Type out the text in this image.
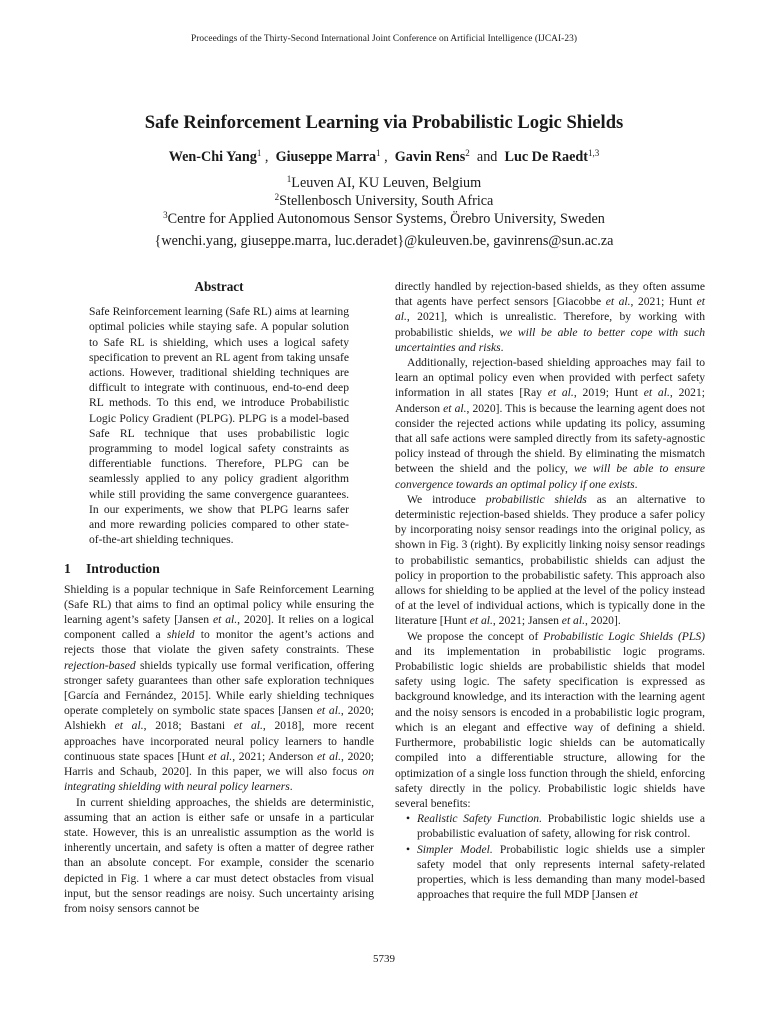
Proceedings of the Thirty-Second International Joint Conference on Artificial Intelligence (IJCAI-23)
Safe Reinforcement Learning via Probabilistic Logic Shields
Wen-Chi Yang$^1$ , Giuseppe Marra$^1$ , Gavin Rens$^2$ and Luc De Raedt$^{1,3}$
$^1$Leuven AI, KU Leuven, Belgium
$^2$Stellenbosch University, South Africa
$^3$Centre for Applied Autonomous Sensor Systems, Örebro University, Sweden
{wenchi.yang, giuseppe.marra, luc.deradet}@kuleuven.be, gavinrens@sun.ac.za
Abstract

Safe Reinforcement learning (Safe RL) aims at learning optimal policies while staying safe. A popular solution to Safe RL is shielding, which uses a logical safety specification to prevent an RL agent from taking unsafe actions. However, traditional shielding techniques are difficult to integrate with continuous, end-to-end deep RL methods. To this end, we introduce Probabilistic Logic Policy Gradient (PLPG). PLPG is a model-based Safe RL technique that uses probabilistic logic programming to model logical safety constraints as differentiable functions. Therefore, PLPG can be seamlessly applied to any policy gradient algorithm while still providing the same convergence guarantees. In our experiments, we show that PLPG learns safer and more rewarding policies compared to other state-of-the-art shielding techniques.

1 Introduction

Shielding is a popular technique in Safe Reinforcement Learning (Safe RL) that aims to find an optimal policy while ensuring the learning agent’s safety [Jansen et al., 2020]. It relies on a logical component called a shield to monitor the agent’s actions and rejects those that violate the given safety constraints. These rejection-based shields typically use formal verification, offering stronger safety guarantees than other safe exploration techniques [García and Fernández, 2015]. While early shielding techniques operate completely on symbolic state spaces [Jansen et al., 2020; Alshiekh et al., 2018; Bastani et al., 2018], more recent approaches have incorporated neural policy learners to handle continuous state spaces [Hunt et al., 2021; Anderson et al., 2020; Harris and Schaub, 2020]. In this paper, we will also focus on integrating shielding with neural policy learners.

In current shielding approaches, the shields are deterministic, assuming that an action is either safe or unsafe in a particular state. However, this is an unrealistic assumption as the world is inherently uncertain, and safety is often a matter of degree rather than an absolute concept. For example, consider the scenario depicted in Fig. 1 where a car must detect obstacles from visual input, but the sensor readings are noisy. Such uncertainty arising from noisy sensors cannot be

directly handled by rejection-based shields, as they often assume that agents have perfect sensors [Giacobbe et al., 2021; Hunt et al., 2021], which is unrealistic. Therefore, by working with probabilistic shields, we will be able to better cope with such uncertainties and risks.

Additionally, rejection-based shielding approaches may fail to learn an optimal policy even when provided with perfect safety information in all states [Ray et al., 2019; Hunt et al., 2021; Anderson et al., 2020]. This is because the learning agent does not consider the rejected actions while updating its policy, assuming that all safe actions were sampled directly from its safety-agnostic policy instead of through the shield. By eliminating the mismatch between the shield and the policy, we will be able to ensure convergence towards an optimal policy if one exists.

We introduce probabilistic shields as an alternative to deterministic rejection-based shields. They produce a safer policy by incorporating noisy sensor readings into the original policy, as shown in Fig. 3 (right). By explicitly linking noisy sensor readings to probabilistic semantics, probabilistic shields can adjust the policy in proportion to the probabilistic safety. This approach also allows for shielding to be applied at the level of the policy instead of at the level of individual actions, which is typically done in the literature [Hunt et al., 2021; Jansen et al., 2020].

We propose the concept of Probabilistic Logic Shields (PLS) and its implementation in probabilistic logic programs. Probabilistic logic shields are probabilistic shields that model safety using logic. The safety specification is expressed as background knowledge, and its interaction with the learning agent and the noisy sensors is encoded in a probabilistic logic program, which is an elegant and effective way of defining a shield. Furthermore, probabilistic logic shields can be automatically compiled into a differentiable structure, allowing for the optimization of a single loss function through the shield, enforcing safety directly in the policy. Probabilistic logic shields have several benefits:

• Realistic Safety Function. Probabilistic logic shields use a probabilistic evaluation of safety, allowing for risk control.
• Simpler Model. Probabilistic logic shields use a simpler safety model that only represents internal safety-related properties, which is less demanding than many model-based approaches that require the full MDP [Jansen et
5739
